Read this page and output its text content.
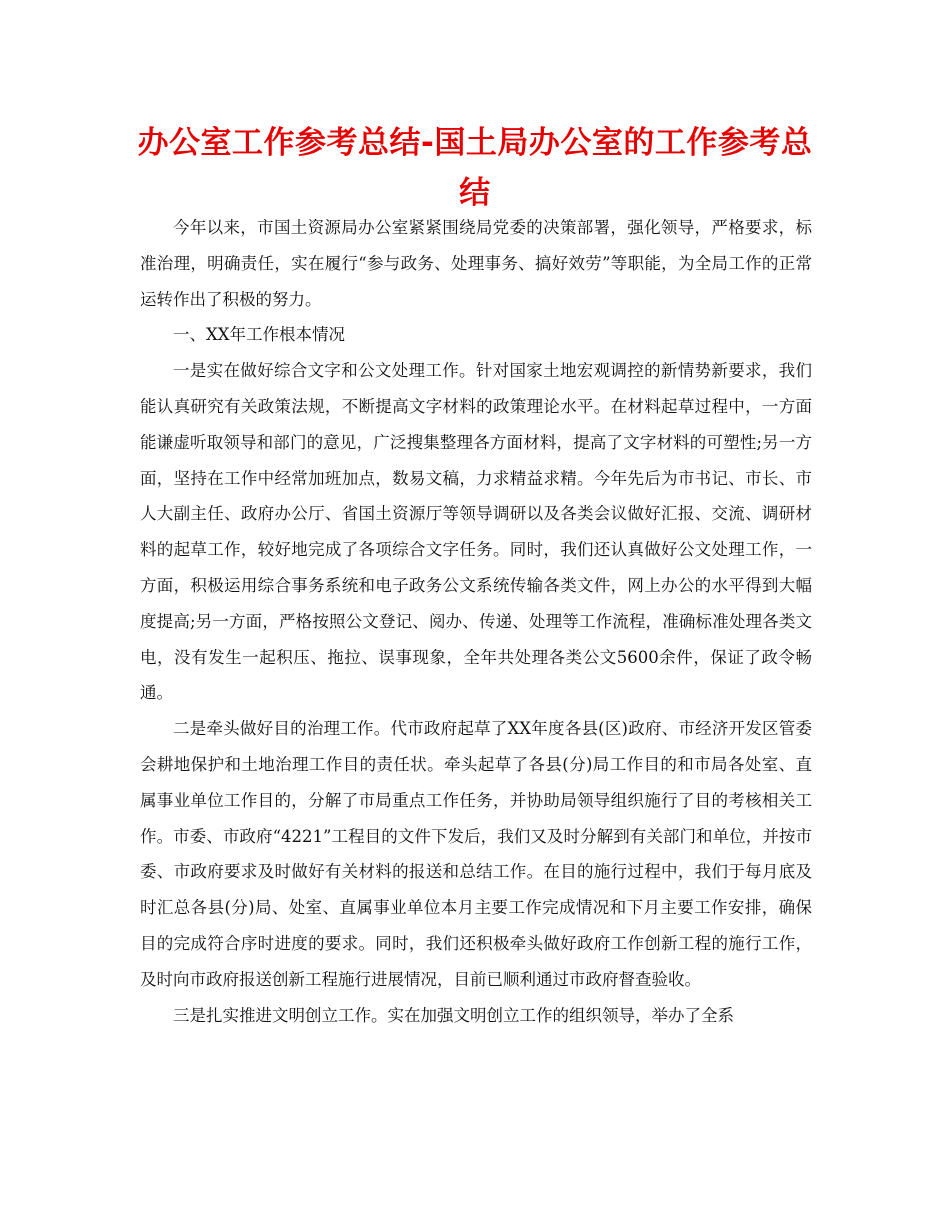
办公室工作参考总结-国土局办公室的工作参考总结

今年以来，市国土资源局办公室紧紧围绕局党委的决策部署，强化领导，严格要求，标准治理，明确责任，实在履行“参与政务、处理事务、搞好效劳”等职能，为全局工作的正常运转作出了积极的努力。

一、XX年工作根本情况

一是实在做好综合文字和公文处理工作。针对国家土地宏观调控的新情势新要求，我们能认真研究有关政策法规，不断提高文字材料的政策理论水平。在材料起草过程中，一方面能谦虚听取领导和部门的意见，广泛搜集整理各方面材料，提高了文字材料的可塑性;另一方面，坚持在工作中经常加班加点，数易文稿，力求精益求精。今年先后为市书记、市长、市人大副主任、政府办公厅、省国土资源厅等领导调研以及各类会议做好汇报、交流、调研材料的起草工作，较好地完成了各项综合文字任务。同时，我们还认真做好公文处理工作，一方面，积极运用综合事务系统和电子政务公文系统传输各类文件，网上办公的水平得到大幅度提高;另一方面，严格按照公文登记、阅办、传递、处理等工作流程，准确标准处理各类文电，没有发生一起积压、拖拉、误事现象，全年共处理各类公文5600余件，保证了政令畅通。

二是牵头做好目的治理工作。代市政府起草了XX年度各县(区)政府、市经济开发区管委会耕地保护和土地治理工作目的责任状。牵头起草了各县(分)局工作目的和市局各处室、直属事业单位工作目的，分解了市局重点工作任务，并协助局领导组织施行了目的考核相关工作。市委、市政府“4221”工程目的文件下发后，我们又及时分解到有关部门和单位，并按市委、市政府要求及时做好有关材料的报送和总结工作。在目的施行过程中，我们于每月底及时汇总各县(分)局、处室、直属事业单位本月主要工作完成情况和下月主要工作安排，确保目的完成符合序时进度的要求。同时，我们还积极牵头做好政府工作创新工程的施行工作，及时向市政府报送创新工程施行进展情况，目前已顺利通过市政府督查验收。

三是扎实推进文明创立工作。实在加强文明创立工作的组织领导，举办了全系
